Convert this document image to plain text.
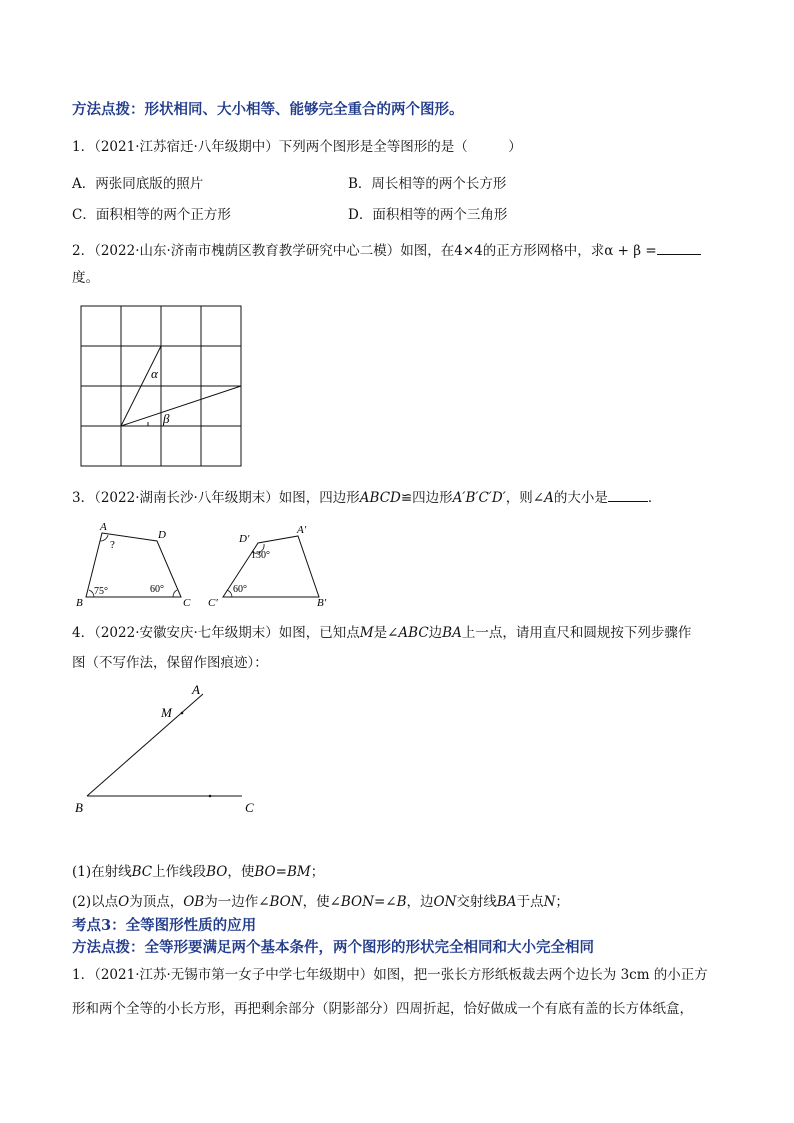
方法点拨：形状相同、大小相等、能够完全重合的两个图形。
1．（2021·江苏宿迁·八年级期中）下列两个图形是全等图形的是（　　　）
A．两张同底版的照片	B．周长相等的两个长方形
C．面积相等的两个正方形	D．面积相等的两个三角形
2．（2022·山东·济南市槐荫区教育教学研究中心二模）如图，在4×4的正方形网格中，求α + β =
度。
α
β
3．（2022·湖南长沙·八年级期末）如图，四边形ABCD≌四边形A′B′C′D′，则∠A的大小是	．
A
D
B	C
?
75°	60°
D′
A′
C′	B′
130°
60°
4．（2022·安徽安庆·七年级期末）如图，已知点M是∠ABC边BA上一点，请用直尺和圆规按下列步骤作
图（不写作法，保留作图痕迹）：
A
M
B	C
(1)在射线BC上作线段BO，使BO=BM；
(2)以点O为顶点，OB为一边作∠BON，使∠BON=∠B，边ON交射线BA于点N；
考点3：全等图形性质的应用
方法点拨：全等形要满足两个基本条件，两个图形的形状完全相同和大小完全相同
1．（2021·江苏·无锡市第一女子中学七年级期中）如图，把一张长方形纸板裁去两个边长为 3cm 的小正方
形和两个全等的小长方形，再把剩余部分（阴影部分）四周折起，恰好做成一个有底有盖的长方体纸盒，
